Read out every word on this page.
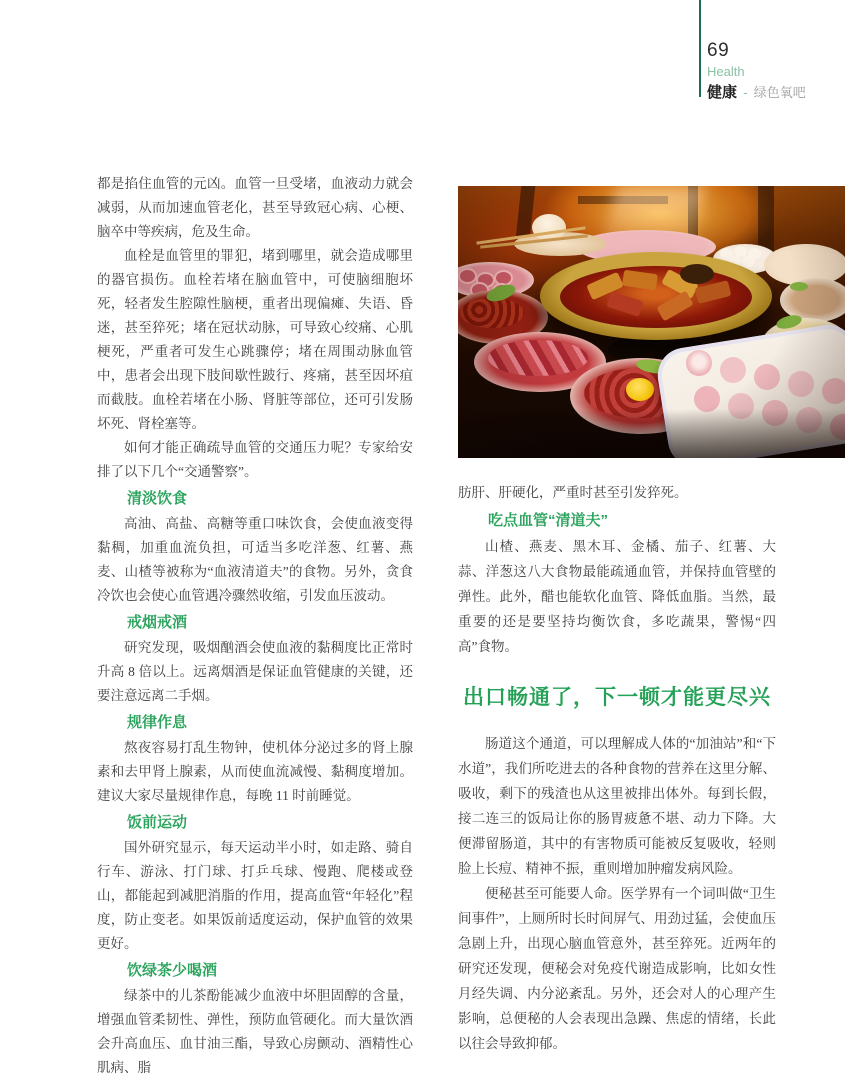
69
Health
健康 - 绿色氧吧

都是掐住血管的元凶。血管一旦受堵，血液动力就会减弱，从而加速血管老化，甚至导致冠心病、心梗、脑卒中等疾病，危及生命。

血栓是血管里的罪犯，堵到哪里，就会造成哪里的器官损伤。血栓若堵在脑血管中，可使脑细胞坏死，轻者发生腔隙性脑梗，重者出现偏瘫、失语、昏迷，甚至猝死；堵在冠状动脉，可导致心绞痛、心肌梗死，严重者可发生心跳骤停；堵在周围动脉血管中，患者会出现下肢间歇性跛行、疼痛，甚至因坏疽而截肢。血栓若堵在小肠、肾脏等部位，还可引发肠坏死、肾栓塞等。

如何才能正确疏导血管的交通压力呢？专家给安排了以下几个“交通警察”。

清淡饮食

高油、高盐、高糖等重口味饮食，会使血液变得黏稠，加重血流负担，可适当多吃洋葱、红薯、燕麦、山楂等被称为“血液清道夫”的食物。另外，贪食冷饮也会使心血管遇冷骤然收缩，引发血压波动。

戒烟戒酒

研究发现，吸烟酗酒会使血液的黏稠度比正常时升高 8 倍以上。远离烟酒是保证血管健康的关键，还要注意远离二手烟。

规律作息

熬夜容易打乱生物钟，使机体分泌过多的肾上腺素和去甲肾上腺素，从而使血流减慢、黏稠度增加。建议大家尽量规律作息，每晚 11 时前睡觉。

饭前运动

国外研究显示，每天运动半小时，如走路、骑自行车、游泳、打门球、打乒乓球、慢跑、爬楼或登山，都能起到减肥消脂的作用，提高血管“年轻化”程度，防止变老。如果饭前适度运动，保护血管的效果更好。

饮绿茶少喝酒

绿茶中的儿茶酚能减少血液中坏胆固醇的含量，增强血管柔韧性、弹性，预防血管硬化。而大量饮酒会升高血压、血甘油三酯，导致心房颤动、酒精性心肌病、脂

肪肝、肝硬化，严重时甚至引发猝死。

吃点血管“清道夫”

山楂、燕麦、黑木耳、金橘、茄子、红薯、大蒜、洋葱这八大食物最能疏通血管，并保持血管壁的弹性。此外，醋也能软化血管、降低血脂。当然，最重要的还是要坚持均衡饮食，多吃蔬果，警惕“四高”食物。

出口畅通了，下一顿才能更尽兴

肠道这个通道，可以理解成人体的“加油站”和“下水道”，我们所吃进去的各种食物的营养在这里分解、吸收，剩下的残渣也从这里被排出体外。每到长假，接二连三的饭局让你的肠胃疲惫不堪、动力下降。大便滞留肠道，其中的有害物质可能被反复吸收，轻则脸上长痘、精神不振，重则增加肿瘤发病风险。

便秘甚至可能要人命。医学界有一个词叫做“卫生间事件”，上厕所时长时间屏气、用劲过猛，会使血压急剧上升，出现心脑血管意外，甚至猝死。近两年的研究还发现，便秘会对免疫代谢造成影响，比如女性月经失调、内分泌紊乱。另外，还会对人的心理产生影响，总便秘的人会表现出急躁、焦虑的情绪，长此以往会导致抑郁。
